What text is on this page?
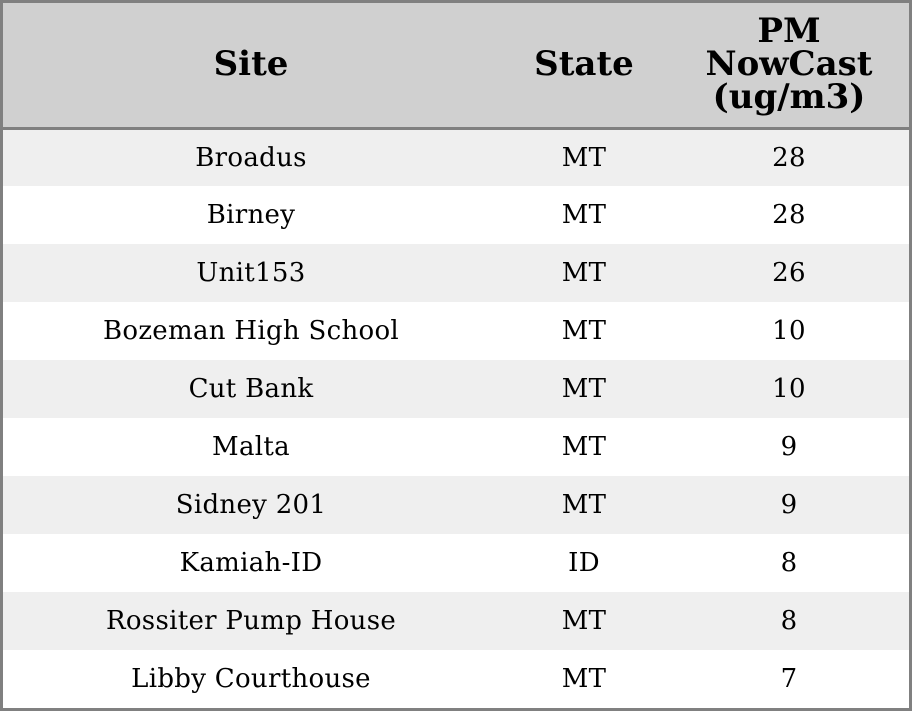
Site	State	PM
NowCast
(ug/m3)
Broadus	MT	28
Birney	MT	28
Unit153	MT	26
Bozeman High School	MT	10
Cut Bank	MT	10
Malta	MT	9
Sidney 201	MT	9
Kamiah-ID	ID	8
Rossiter Pump House	MT	8
Libby Courthouse	MT	7
